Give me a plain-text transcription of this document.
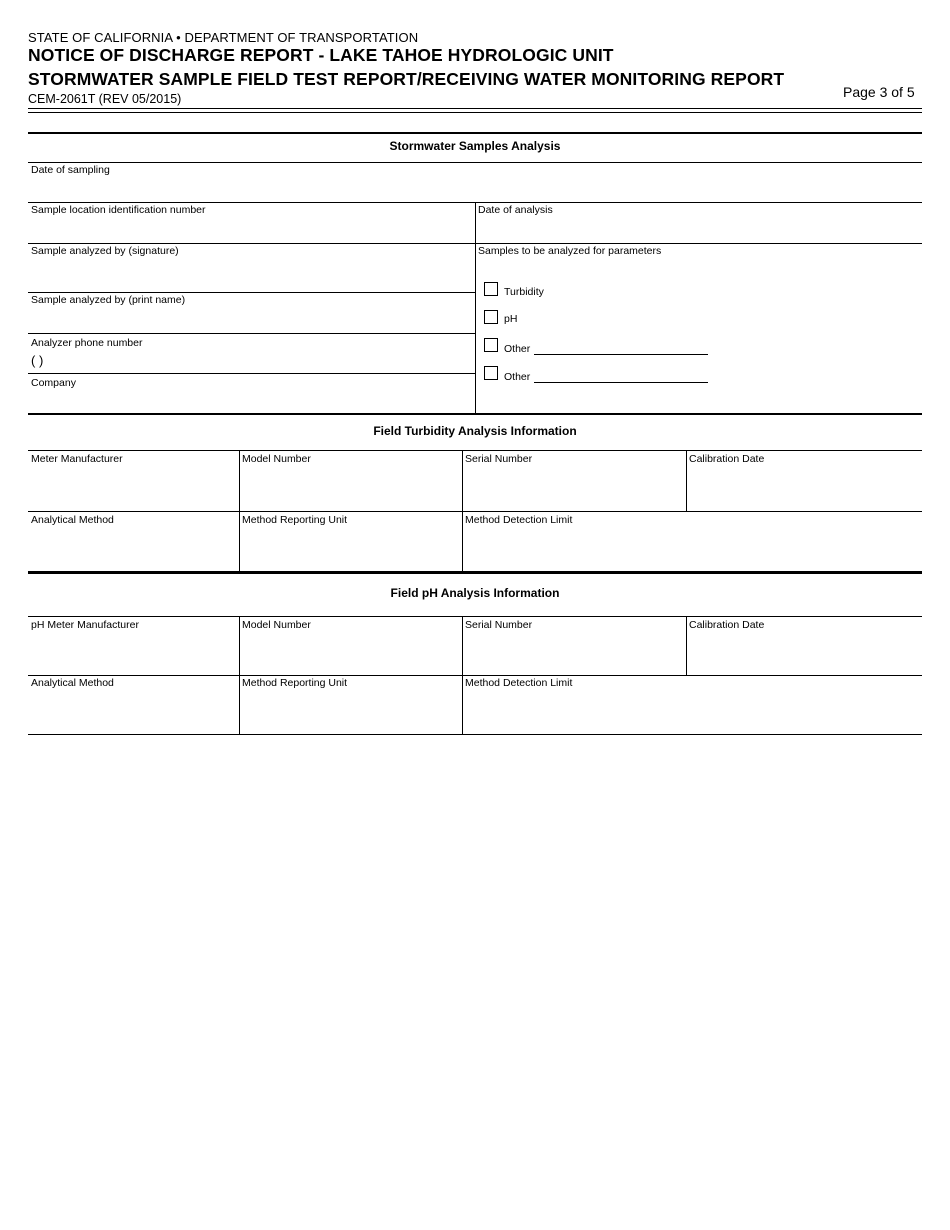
STATE OF CALIFORNIA • DEPARTMENT OF TRANSPORTATION
NOTICE OF DISCHARGE REPORT - LAKE TAHOE HYDROLOGIC UNIT
STORMWATER SAMPLE FIELD TEST REPORT/RECEIVING WATER MONITORING REPORT
CEM-2061T (REV 05/2015)	Page 3 of 5
Stormwater Samples Analysis
Date of sampling
Sample location identification number	Date of analysis
Sample analyzed by (signature)
Sample analyzed by (print name)
Analyzer phone number
( )
Company
Samples to be analyzed for parameters
Turbidity
pH
Other
Other
Field Turbidity Analysis Information
Meter Manufacturer	Model Number	Serial Number	Calibration Date
Analytical Method	Method Reporting Unit	Method Detection Limit
Field pH Analysis Information
pH Meter Manufacturer	Model Number	Serial Number	Calibration Date
Analytical Method	Method Reporting Unit	Method Detection Limit
